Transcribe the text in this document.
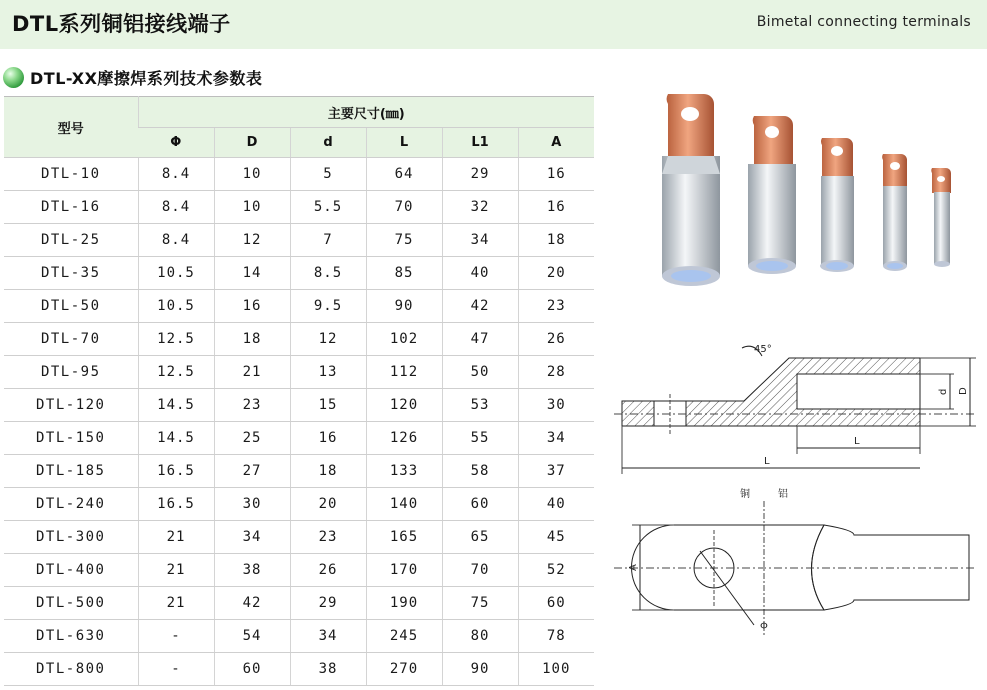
DTL系列铜铝接线端子	Bimetal connecting terminals
DTL-XX摩擦焊系列技术参数表
型号	主要尺寸(㎜)					
	Φ	D	d	L	L1	A
DTL-10	8.4	10	5	64	29	16
DTL-16	8.4	10	5.5	70	32	16
DTL-25	8.4	12	7	75	34	18
DTL-35	10.5	14	8.5	85	40	20
DTL-50	10.5	16	9.5	90	42	23
DTL-70	12.5	18	12	102	47	26
DTL-95	12.5	21	13	112	50	28
DTL-120	14.5	23	15	120	53	30
DTL-150	14.5	25	16	126	55	34
DTL-185	16.5	27	18	133	58	37
DTL-240	16.5	30	20	140	60	40
DTL-300	21	34	23	165	65	45
DTL-400	21	38	26	170	70	52
DTL-500	21	42	29	190	75	60
DTL-630	-	54	34	245	80	78
DTL-800	-	60	38	270	90	100
45°
d D
L
L
铜	铝
Φ
A
